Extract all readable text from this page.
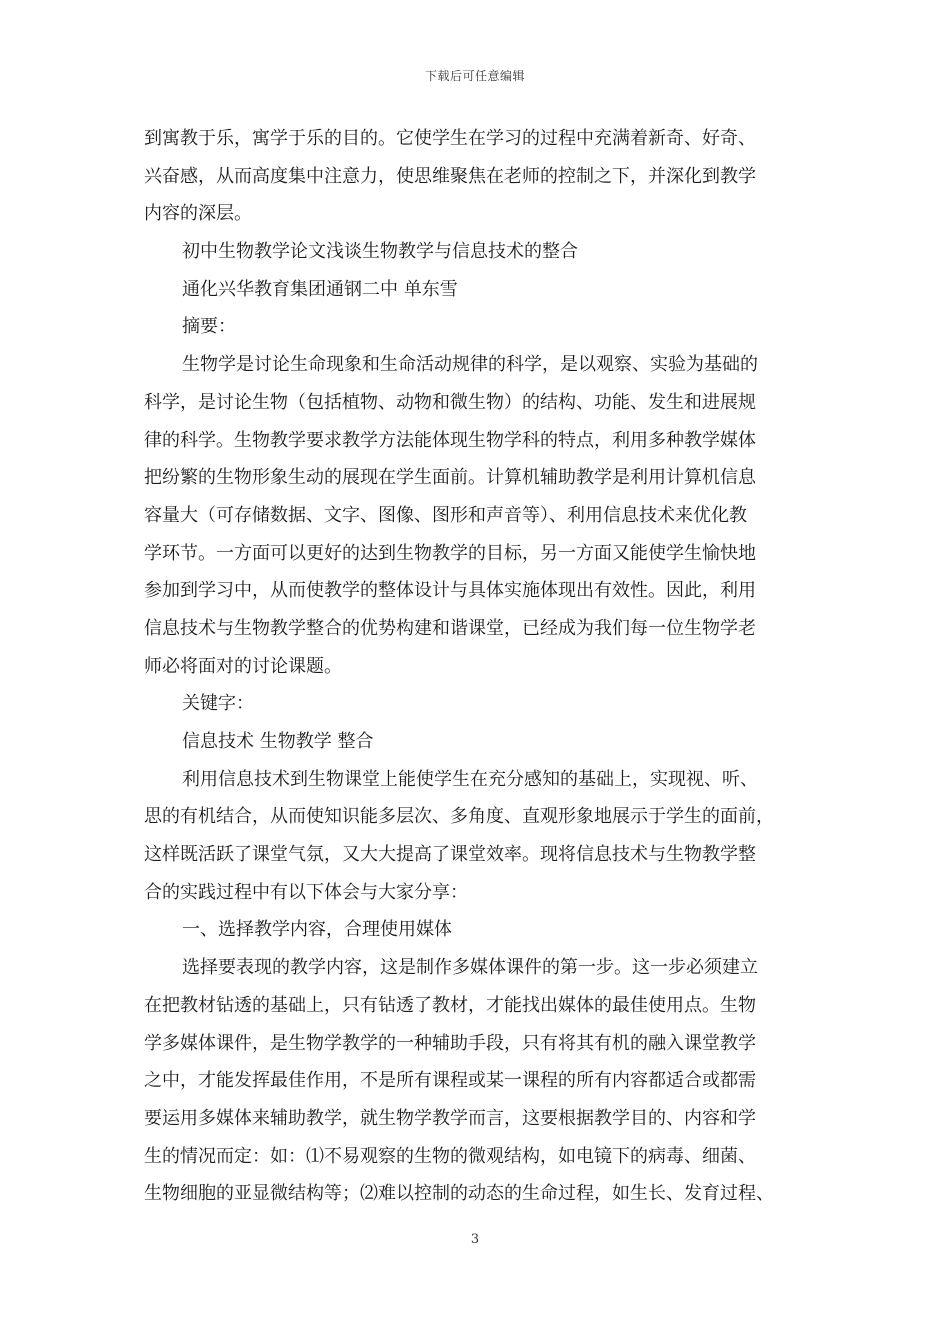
下载后可任意编辑
到寓教于乐，寓学于乐的目的。它使学生在学习的过程中充满着新奇、好奇、
兴奋感，从而高度集中注意力，使思维聚焦在老师的控制之下，并深化到教学
内容的深层。
初中生物教学论文浅谈生物教学与信息技术的整合
通化兴华教育集团通钢二中 单东雪
摘要：
生物学是讨论生命现象和生命活动规律的科学，是以观察、实验为基础的
科学，是讨论生物（包括植物、动物和微生物）的结构、功能、发生和进展规
律的科学。生物教学要求教学方法能体现生物学科的特点，利用多种教学媒体
把纷繁的生物形象生动的展现在学生面前。计算机辅助教学是利用计算机信息
容量大（可存储数据、文字、图像、图形和声音等）、利用信息技术来优化教
学环节。一方面可以更好的达到生物教学的目标，另一方面又能使学生愉快地
参加到学习中，从而使教学的整体设计与具体实施体现出有效性。因此，利用
信息技术与生物教学整合的优势构建和谐课堂，已经成为我们每一位生物学老
师必将面对的讨论课题。
关键字：
信息技术 生物教学 整合
利用信息技术到生物课堂上能使学生在充分感知的基础上，实现视、听、
思的有机结合，从而使知识能多层次、多角度、直观形象地展示于学生的面前，
这样既活跃了课堂气氛，又大大提高了课堂效率。现将信息技术与生物教学整
合的实践过程中有以下体会与大家分享：
一、选择教学内容，合理使用媒体
选择要表现的教学内容，这是制作多媒体课件的第一步。这一步必须建立
在把教材钻透的基础上，只有钻透了教材，才能找出媒体的最佳使用点。生物
学多媒体课件，是生物学教学的一种辅助手段，只有将其有机的融入课堂教学
之中，才能发挥最佳作用，不是所有课程或某一课程的所有内容都适合或都需
要运用多媒体来辅助教学，就生物学教学而言，这要根据教学目的、内容和学
生的情况而定：如：⑴不易观察的生物的微观结构，如电镜下的病毒、细菌、
生物细胞的亚显微结构等；⑵难以控制的动态的生命过程，如生长、发育过程、
3
